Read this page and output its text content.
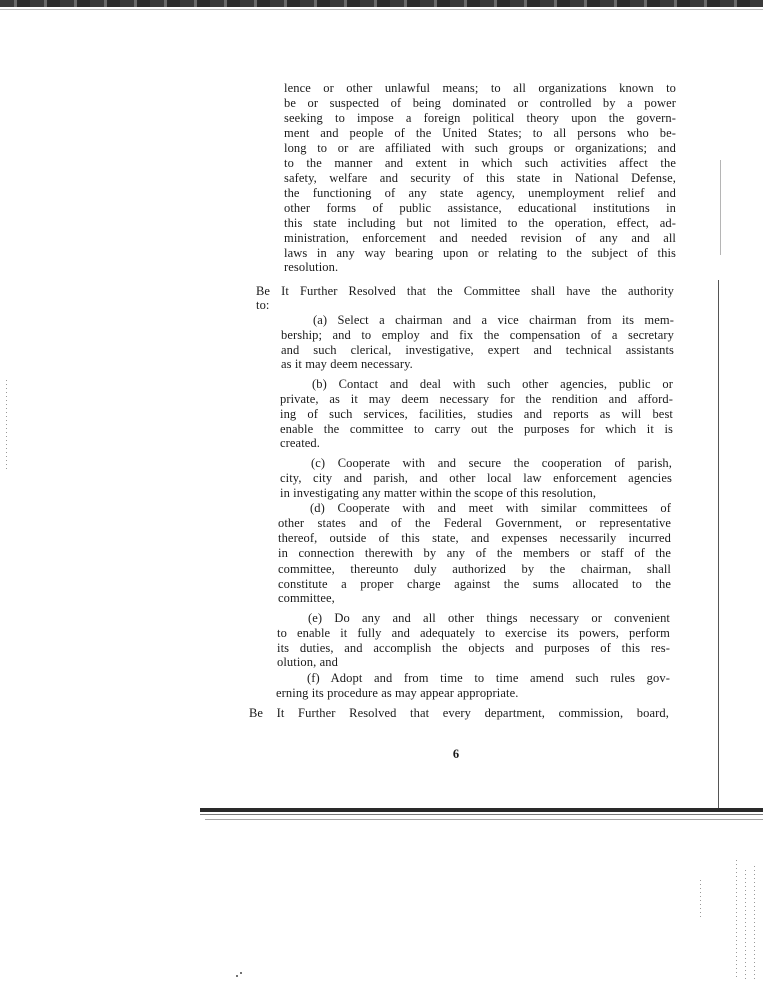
lence or other unlawful means; to all organizations known to

be or suspected of being dominated or controlled by a power

seeking to impose a foreign political theory upon the govern-

ment and people of the United States; to all persons who be-

long to or are affiliated with such groups or organizations; and

to the manner and extent in which such activities affect the

safety, welfare and security of this state in National Defense,

the functioning of any state agency, unemployment relief and

other forms of public assistance, educational institutions in

this state including but not limited to the operation, effect, ad-

ministration, enforcement and needed revision of any and all

laws in any way bearing upon or relating to the subject of this

resolution.

Be It Further Resolved that the Committee shall have the authority

to:

(a) Select a chairman and a vice chairman from its mem-

bership; and to employ and fix the compensation of a secretary

and such clerical, investigative, expert and technical assistants

as it may deem necessary.

(b) Contact and deal with such other agencies, public or

private, as it may deem necessary for the rendition and afford-

ing of such services, facilities, studies and reports as will best

enable the committee to carry out the purposes for which it is

created.

(c) Cooperate with and secure the cooperation of parish,

city, city and parish, and other local law enforcement agencies

in investigating any matter within the scope of this resolution,

(d) Cooperate with and meet with similar committees of

other states and of the Federal Government, or representative

thereof, outside of this state, and expenses necessarily incurred

in connection therewith by any of the members or staff of the

committee, thereunto duly authorized by the chairman, shall

constitute a proper charge against the sums allocated to the

committee,

(e) Do any and all other things necessary or convenient

to enable it fully and adequately to exercise its powers, perform

its duties, and accomplish the objects and purposes of this res-

olution, and

(f) Adopt and from time to time amend such rules gov-

erning its procedure as may appear appropriate.

Be It Further Resolved that every department, commission, board,

6
